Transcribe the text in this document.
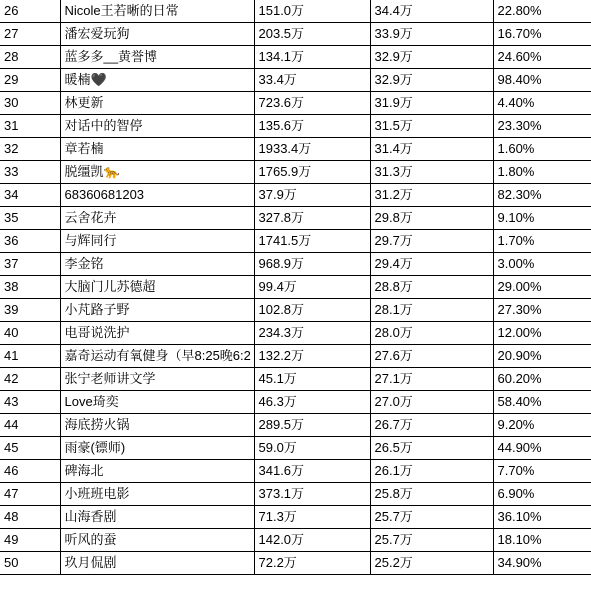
26	Nicole王若晰的日常	151.0万	34.4万	22.80%
27	潘宏爱玩狗	203.5万	33.9万	16.70%
28	蓝多多__黄誉博	134.1万	32.9万	24.60%
29	暖楠🖤	33.4万	32.9万	98.40%
30	林更新	723.6万	31.9万	4.40%
31	对话中的智停	135.6万	31.5万	23.30%
32	章若楠	1933.4万	31.4万	1.60%
33	脱缰凯🐆	1765.9万	31.3万	1.80%
34	68360681203	37.9万	31.2万	82.30%
35	云舍花卉	327.8万	29.8万	9.10%
36	与辉同行	1741.5万	29.7万	1.70%
37	李金铭	968.9万	29.4万	3.00%
38	大脑门儿苏德超	99.4万	28.8万	29.00%
39	小芃路子野	102.8万	28.1万	27.30%
40	电哥说洗护	234.3万	28.0万	12.00%
41	嘉奇运动有氧健身（早8:25晚6:2	132.2万	27.6万	20.90%
42	张宁老师讲文学	45.1万	27.1万	60.20%
43	Love琦奕	46.3万	27.0万	58.40%
44	海底捞火锅	289.5万	26.7万	9.20%
45	雨豪(镖师)	59.0万	26.5万	44.90%
46	碑海北	341.6万	26.1万	7.70%
47	小班班电影	373.1万	25.8万	6.90%
48	山海香剧	71.3万	25.7万	36.10%
49	听风的蚕	142.0万	25.7万	18.10%
50	玖月侃剧	72.2万	25.2万	34.90%
